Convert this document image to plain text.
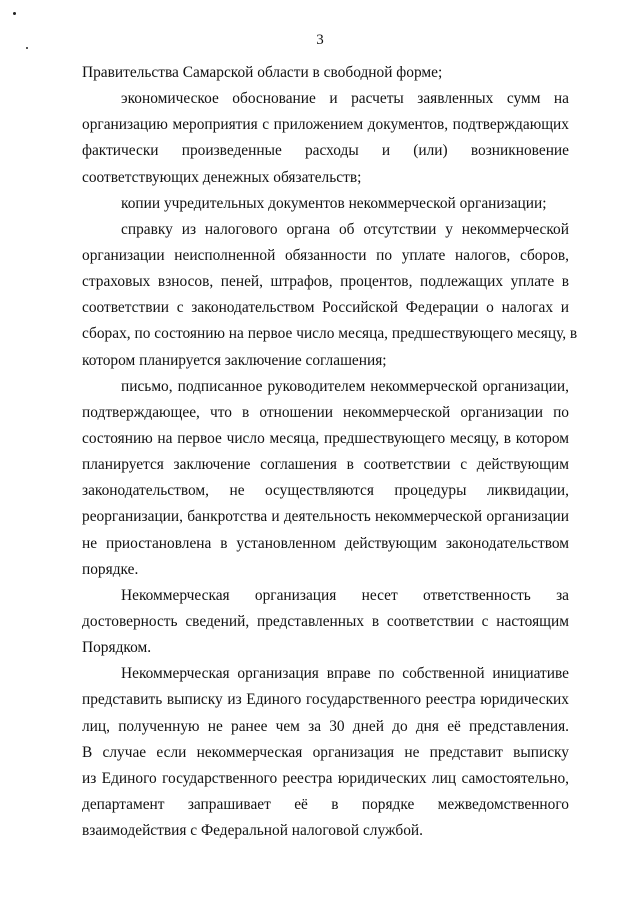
3
Правительства Самарской области в свободной форме;
экономическое обоснование и расчеты заявленных сумм на
организацию мероприятия с приложением документов, подтверждающих
фактически произведенные расходы и (или) возникновение
соответствующих денежных обязательств;
копии учредительных документов некоммерческой организации;
справку из налогового органа об отсутствии у некоммерческой
организации неисполненной обязанности по уплате налогов, сборов,
страховых взносов, пеней, штрафов, процентов, подлежащих уплате в
соответствии с законодательством Российской Федерации о налогах и
сборах, по состоянию на первое число месяца, предшествующего месяцу, в
котором планируется заключение соглашения;
письмо, подписанное руководителем некоммерческой организации,
подтверждающее, что в отношении некоммерческой организации по
состоянию на первое число месяца, предшествующего месяцу, в котором
планируется заключение соглашения в соответствии с действующим
законодательством, не осуществляются процедуры ликвидации,
реорганизации, банкротства и деятельность некоммерческой организации
не приостановлена в установленном действующим законодательством
порядке.
Некоммерческая организация несет ответственность за
достоверность сведений, представленных в соответствии с настоящим
Порядком.
Некоммерческая организация вправе по собственной инициативе
представить выписку из Единого государственного реестра юридических
лиц, полученную не ранее чем за 30 дней до дня её представления.
В случае если некоммерческая организация не представит выписку
из Единого государственного реестра юридических лиц самостоятельно,
департамент запрашивает её в порядке межведомственного
взаимодействия с Федеральной налоговой службой.
